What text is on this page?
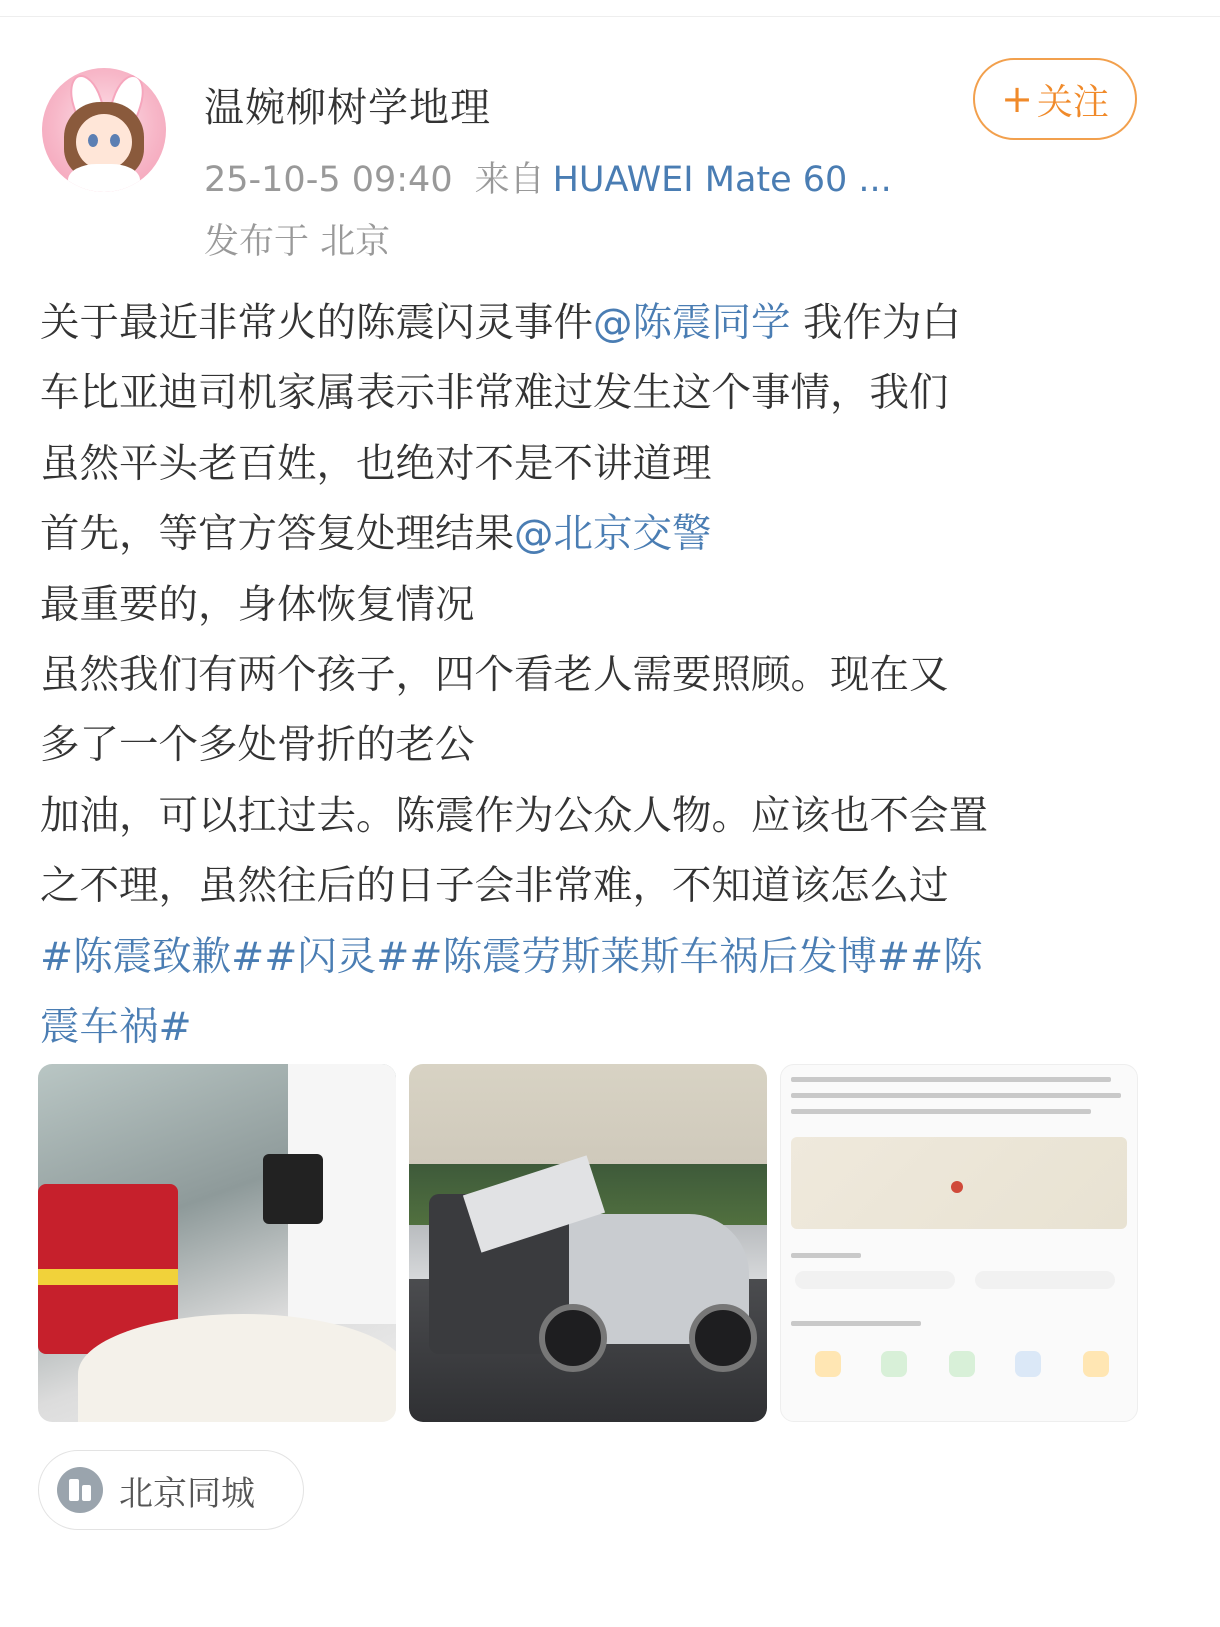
温婉柳树学地理	+ 关注
25-10-5 09:40 来自 HUAWEI Mate 60 ...
发布于 北京
关于最近非常火的陈震闪灵事件@陈震同学 我作为白
车比亚迪司机家属表示非常难过发生这个事情，我们
虽然平头老百姓，也绝对不是不讲道理
首先，等官方答复处理结果@北京交警
最重要的，身体恢复情况
虽然我们有两个孩子，四个看老人需要照顾。现在又
多了一个多处骨折的老公
加油，可以扛过去。陈震作为公众人物。应该也不会置
之不理，虽然往后的日子会非常难，不知道该怎么过
#陈震致歉##闪灵##陈震劳斯莱斯车祸后发博##陈
震车祸#
北京同城
